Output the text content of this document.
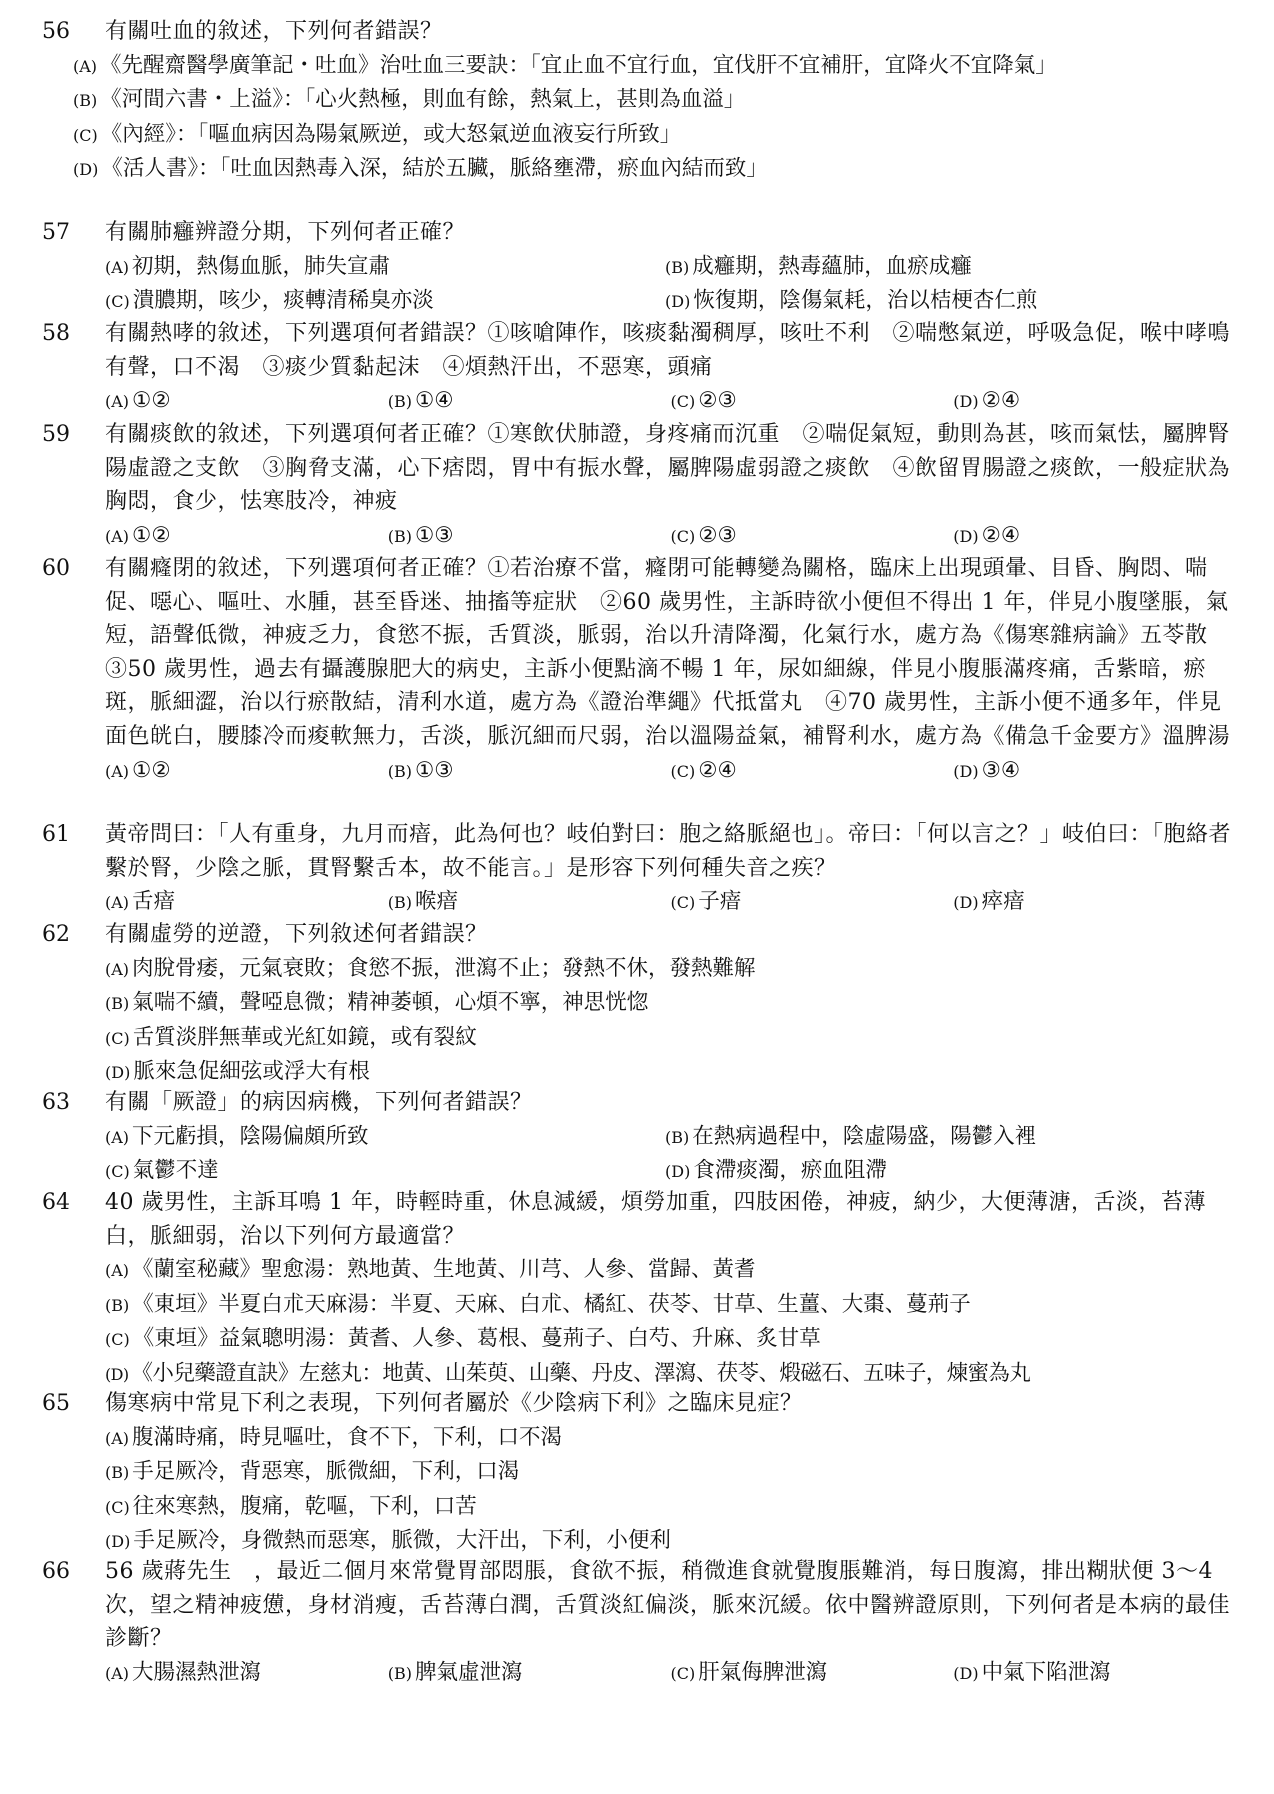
56	有關吐血的敘述，下列何者錯誤？
(A) 《先醒齋醫學廣筆記・吐血》治吐血三要訣：「宜止血不宜行血，宜伐肝不宜補肝，宜降火不宜降氣」
(B) 《河間六書・上溢》：「心火熱極，則血有餘，熱氣上，甚則為血溢」
(C) 《內經》：「嘔血病因為陽氣厥逆，或大怒氣逆血液妄行所致」
(D) 《活人書》：「吐血因熱毒入深，結於五臟，脈絡壅滯，瘀血內結而致」
57	有關肺癰辨證分期，下列何者正確？
(A) 初期，熱傷血脈，肺失宣肅	(B) 成癰期，熱毒蘊肺，血瘀成癰
(C) 潰膿期，咳少，痰轉清稀臭亦淡	(D) 恢復期，陰傷氣耗，治以桔梗杏仁煎
58	有關熱哮的敘述，下列選項何者錯誤？①咳嗆陣作，咳痰黏濁稠厚，咳吐不利　②喘憋氣逆，呼吸急促，喉中哮鳴有聲，口不渴　③痰少質黏起沫　④煩熱汗出，不惡寒，頭痛
(A) ①②	(B) ①④	(C) ②③	(D) ②④
59	有關痰飲的敘述，下列選項何者正確？①寒飲伏肺證，身疼痛而沉重　②喘促氣短，動則為甚，咳而氣怯，屬脾腎陽虛證之支飲　③胸脅支滿，心下痞悶，胃中有振水聲，屬脾陽虛弱證之痰飲　④飲留胃腸證之痰飲，一般症狀為胸悶，食少，怯寒肢冷，神疲
(A) ①②	(B) ①③	(C) ②③	(D) ②④
60	有關癃閉的敘述，下列選項何者正確？①若治療不當，癃閉可能轉變為關格，臨床上出現頭暈、目昏、胸悶、喘促、噁心、嘔吐、水腫，甚至昏迷、抽搐等症狀　②60 歲男性，主訴時欲小便但不得出 1 年，伴見小腹墜脹，氣短，語聲低微，神疲乏力，食慾不振，舌質淡，脈弱，治以升清降濁，化氣行水，處方為《傷寒雜病論》五苓散　③50 歲男性，過去有攝護腺肥大的病史，主訴小便點滴不暢 1 年，尿如細線，伴見小腹脹滿疼痛，舌紫暗，瘀斑，脈細澀，治以行瘀散結，清利水道，處方為《證治準繩》代抵當丸　④70 歲男性，主訴小便不通多年，伴見面色㿠白，腰膝冷而痠軟無力，舌淡，脈沉細而尺弱，治以溫陽益氣，補腎利水，處方為《備急千金要方》溫脾湯
(A) ①②	(B) ①③	(C) ②④	(D) ③④
61	黃帝問曰：「人有重身，九月而瘖，此為何也？岐伯對曰：胞之絡脈絕也」。帝曰：「何以言之？」岐伯曰：「胞絡者繫於腎，少陰之脈，貫腎繫舌本，故不能言。」是形容下列何種失音之疾？
(A) 舌瘖	(B) 喉瘖	(C) 子瘖	(D) 瘁瘖
62	有關虛勞的逆證，下列敘述何者錯誤？
(A) 肉脫骨痿，元氣衰敗；食慾不振，泄瀉不止；發熱不休，發熱難解
(B) 氣喘不續，聲啞息微；精神萎頓，心煩不寧，神思恍惚
(C) 舌質淡胖無華或光紅如鏡，或有裂紋
(D) 脈來急促細弦或浮大有根
63	有關「厥證」的病因病機，下列何者錯誤？
(A) 下元虧損，陰陽偏頗所致	(B) 在熱病過程中，陰虛陽盛，陽鬱入裡
(C) 氣鬱不達	(D) 食滯痰濁，瘀血阻滯
64	40 歲男性，主訴耳鳴 1 年，時輕時重，休息減緩，煩勞加重，四肢困倦，神疲，納少，大便薄溏，舌淡，苔薄白，脈細弱，治以下列何方最適當？
(A) 《蘭室秘藏》聖愈湯：熟地黃、生地黃、川芎、人參、當歸、黃耆
(B) 《東垣》半夏白朮天麻湯：半夏、天麻、白朮、橘紅、茯苓、甘草、生薑、大棗、蔓荊子
(C) 《東垣》益氣聰明湯：黃耆、人參、葛根、蔓荊子、白芍、升麻、炙甘草
(D) 《小兒藥證直訣》左慈丸：地黃、山茱萸、山藥、丹皮、澤瀉、茯苓、煅磁石、五味子，煉蜜為丸
65	傷寒病中常見下利之表現，下列何者屬於《少陰病下利》之臨床見症？
(A) 腹滿時痛，時見嘔吐，食不下，下利，口不渴
(B) 手足厥冷，背惡寒，脈微細，下利，口渴
(C) 往來寒熱，腹痛，乾嘔，下利，口苦
(D) 手足厥冷，身微熱而惡寒，脈微，大汗出，下利，小便利
66	56 歲蔣先生　，最近二個月來常覺胃部悶脹，食欲不振，稍微進食就覺腹脹難消，每日腹瀉，排出糊狀便 3～4 次，望之精神疲憊，身材消瘦，舌苔薄白潤，舌質淡紅偏淡，脈來沉緩。依中醫辨證原則，下列何者是本病的最佳診斷？
(A) 大腸濕熱泄瀉	(B) 脾氣虛泄瀉	(C) 肝氣侮脾泄瀉	(D) 中氣下陷泄瀉
